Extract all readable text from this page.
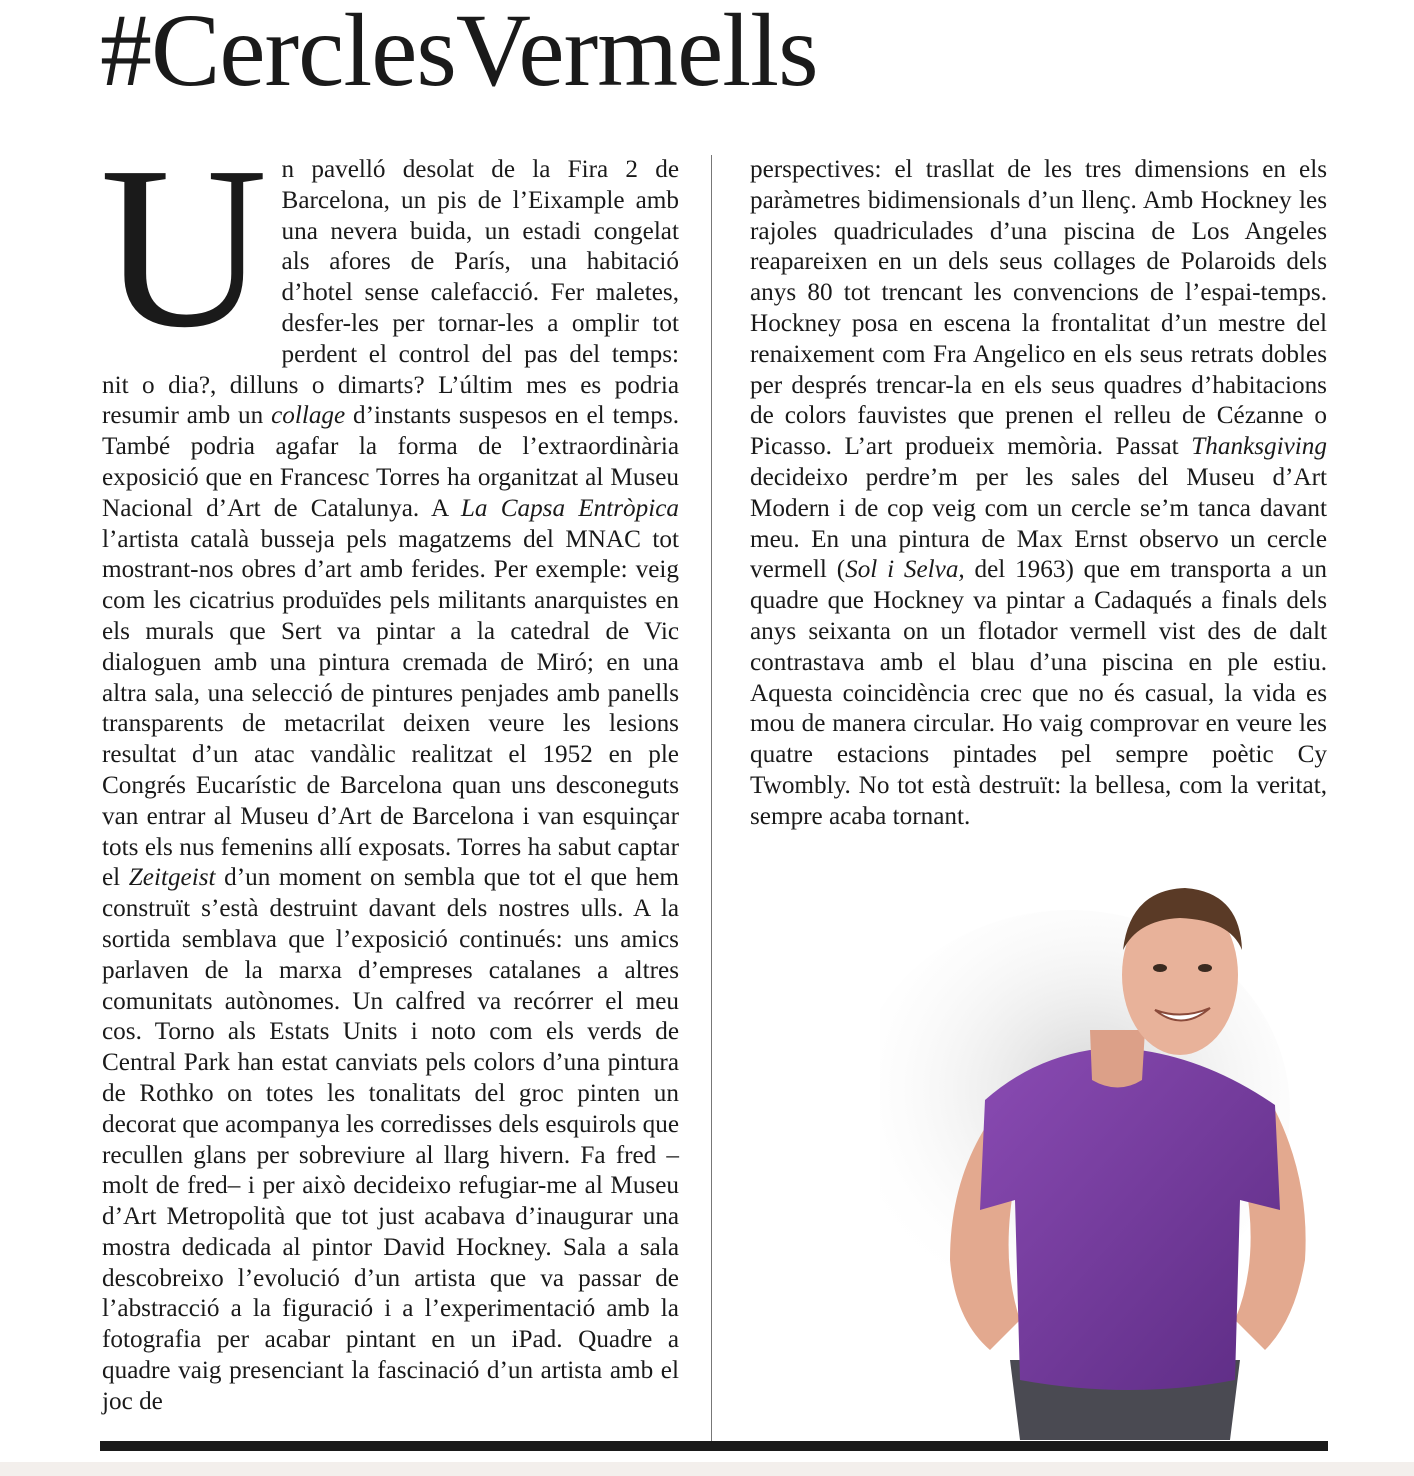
#CerclesVermells

Un pavelló desolat de la Fira 2 de Barcelona, un pis de l’Eixample amb una nevera buida, un estadi congelat als afores de París, una habitació d’hotel sense calefacció. Fer maletes, desfer-les per tornar-les a omplir tot perdent el control del pas del temps: nit o dia?, dilluns o dimarts? L’últim mes es podria resumir amb un collage d’instants suspesos en el temps. També podria agafar la forma de l’extraordinària exposició que en Francesc Torres ha organitzat al Museu Nacional d’Art de Catalunya. A La Capsa Entròpica l’artista català busseja pels magatzems del MNAC tot mostrant-nos obres d’art amb ferides. Per exemple: veig com les cicatrius produïdes pels militants anarquistes en els murals que Sert va pintar a la catedral de Vic dialoguen amb una pintura cremada de Miró; en una altra sala, una selecció de pintures penjades amb panells transparents de metacrilat deixen veure les lesions resultat d’un atac vandàlic realitzat el 1952 en ple Congrés Eucarístic de Barcelona quan uns desconeguts van entrar al Museu d’Art de Barcelona i van esquinçar tots els nus femenins allí exposats. Torres ha sabut captar el Zeitgeist d’un moment on sembla que tot el que hem construït s’està destruint davant dels nostres ulls. A la sortida semblava que l’exposició continués: uns amics parlaven de la marxa d’empreses catalanes a altres comunitats autònomes. Un calfred va recórrer el meu cos. Torno als Estats Units i noto com els verds de Central Park han estat canviats pels colors d’una pintura de Rothko on totes les tonalitats del groc pinten un decorat que acompanya les corredisses dels esquirols que recullen glans per sobreviure al llarg hivern. Fa fred –molt de fred– i per això decideixo refugiar-me al Museu d’Art Metropolità que tot just acabava d’inaugurar una mostra dedicada al pintor David Hockney. Sala a sala descobreixo l’evolució d’un artista que va passar de l’abstracció a la figuració i a l’experimentació amb la fotografia per acabar pintant en un iPad. Quadre a quadre vaig presenciant la fascinació d’un artista amb el joc de

perspectives: el trasllat de les tres dimensions en els paràmetres bidimensionals d’un llenç. Amb Hockney les rajoles quadriculades d’una piscina de Los Angeles reapareixen en un dels seus collages de Polaroids dels anys 80 tot trencant les convencions de l’espai-temps. Hockney posa en escena la frontalitat d’un mestre del renaixement com Fra Angelico en els seus retrats dobles per després trencar-la en els seus quadres d’habitacions de colors fauvistes que prenen el relleu de Cézanne o Picasso. L’art produeix memòria. Passat Thanksgiving decideixo perdre’m per les sales del Museu d’Art Modern i de cop veig com un cercle se’m tanca davant meu. En una pintura de Max Ernst observo un cercle vermell (Sol i Selva, del 1963) que em transporta a un quadre que Hockney va pintar a Cadaqués a finals dels anys seixanta on un flotador vermell vist des de dalt contrastava amb el blau d’una piscina en ple estiu. Aquesta coincidència crec que no és casual, la vida es mou de manera circular. Ho vaig comprovar en veure les quatre estacions pintades pel sempre poètic Cy Twombly. No tot està destruït: la bellesa, com la veritat, sempre acaba tornant.
